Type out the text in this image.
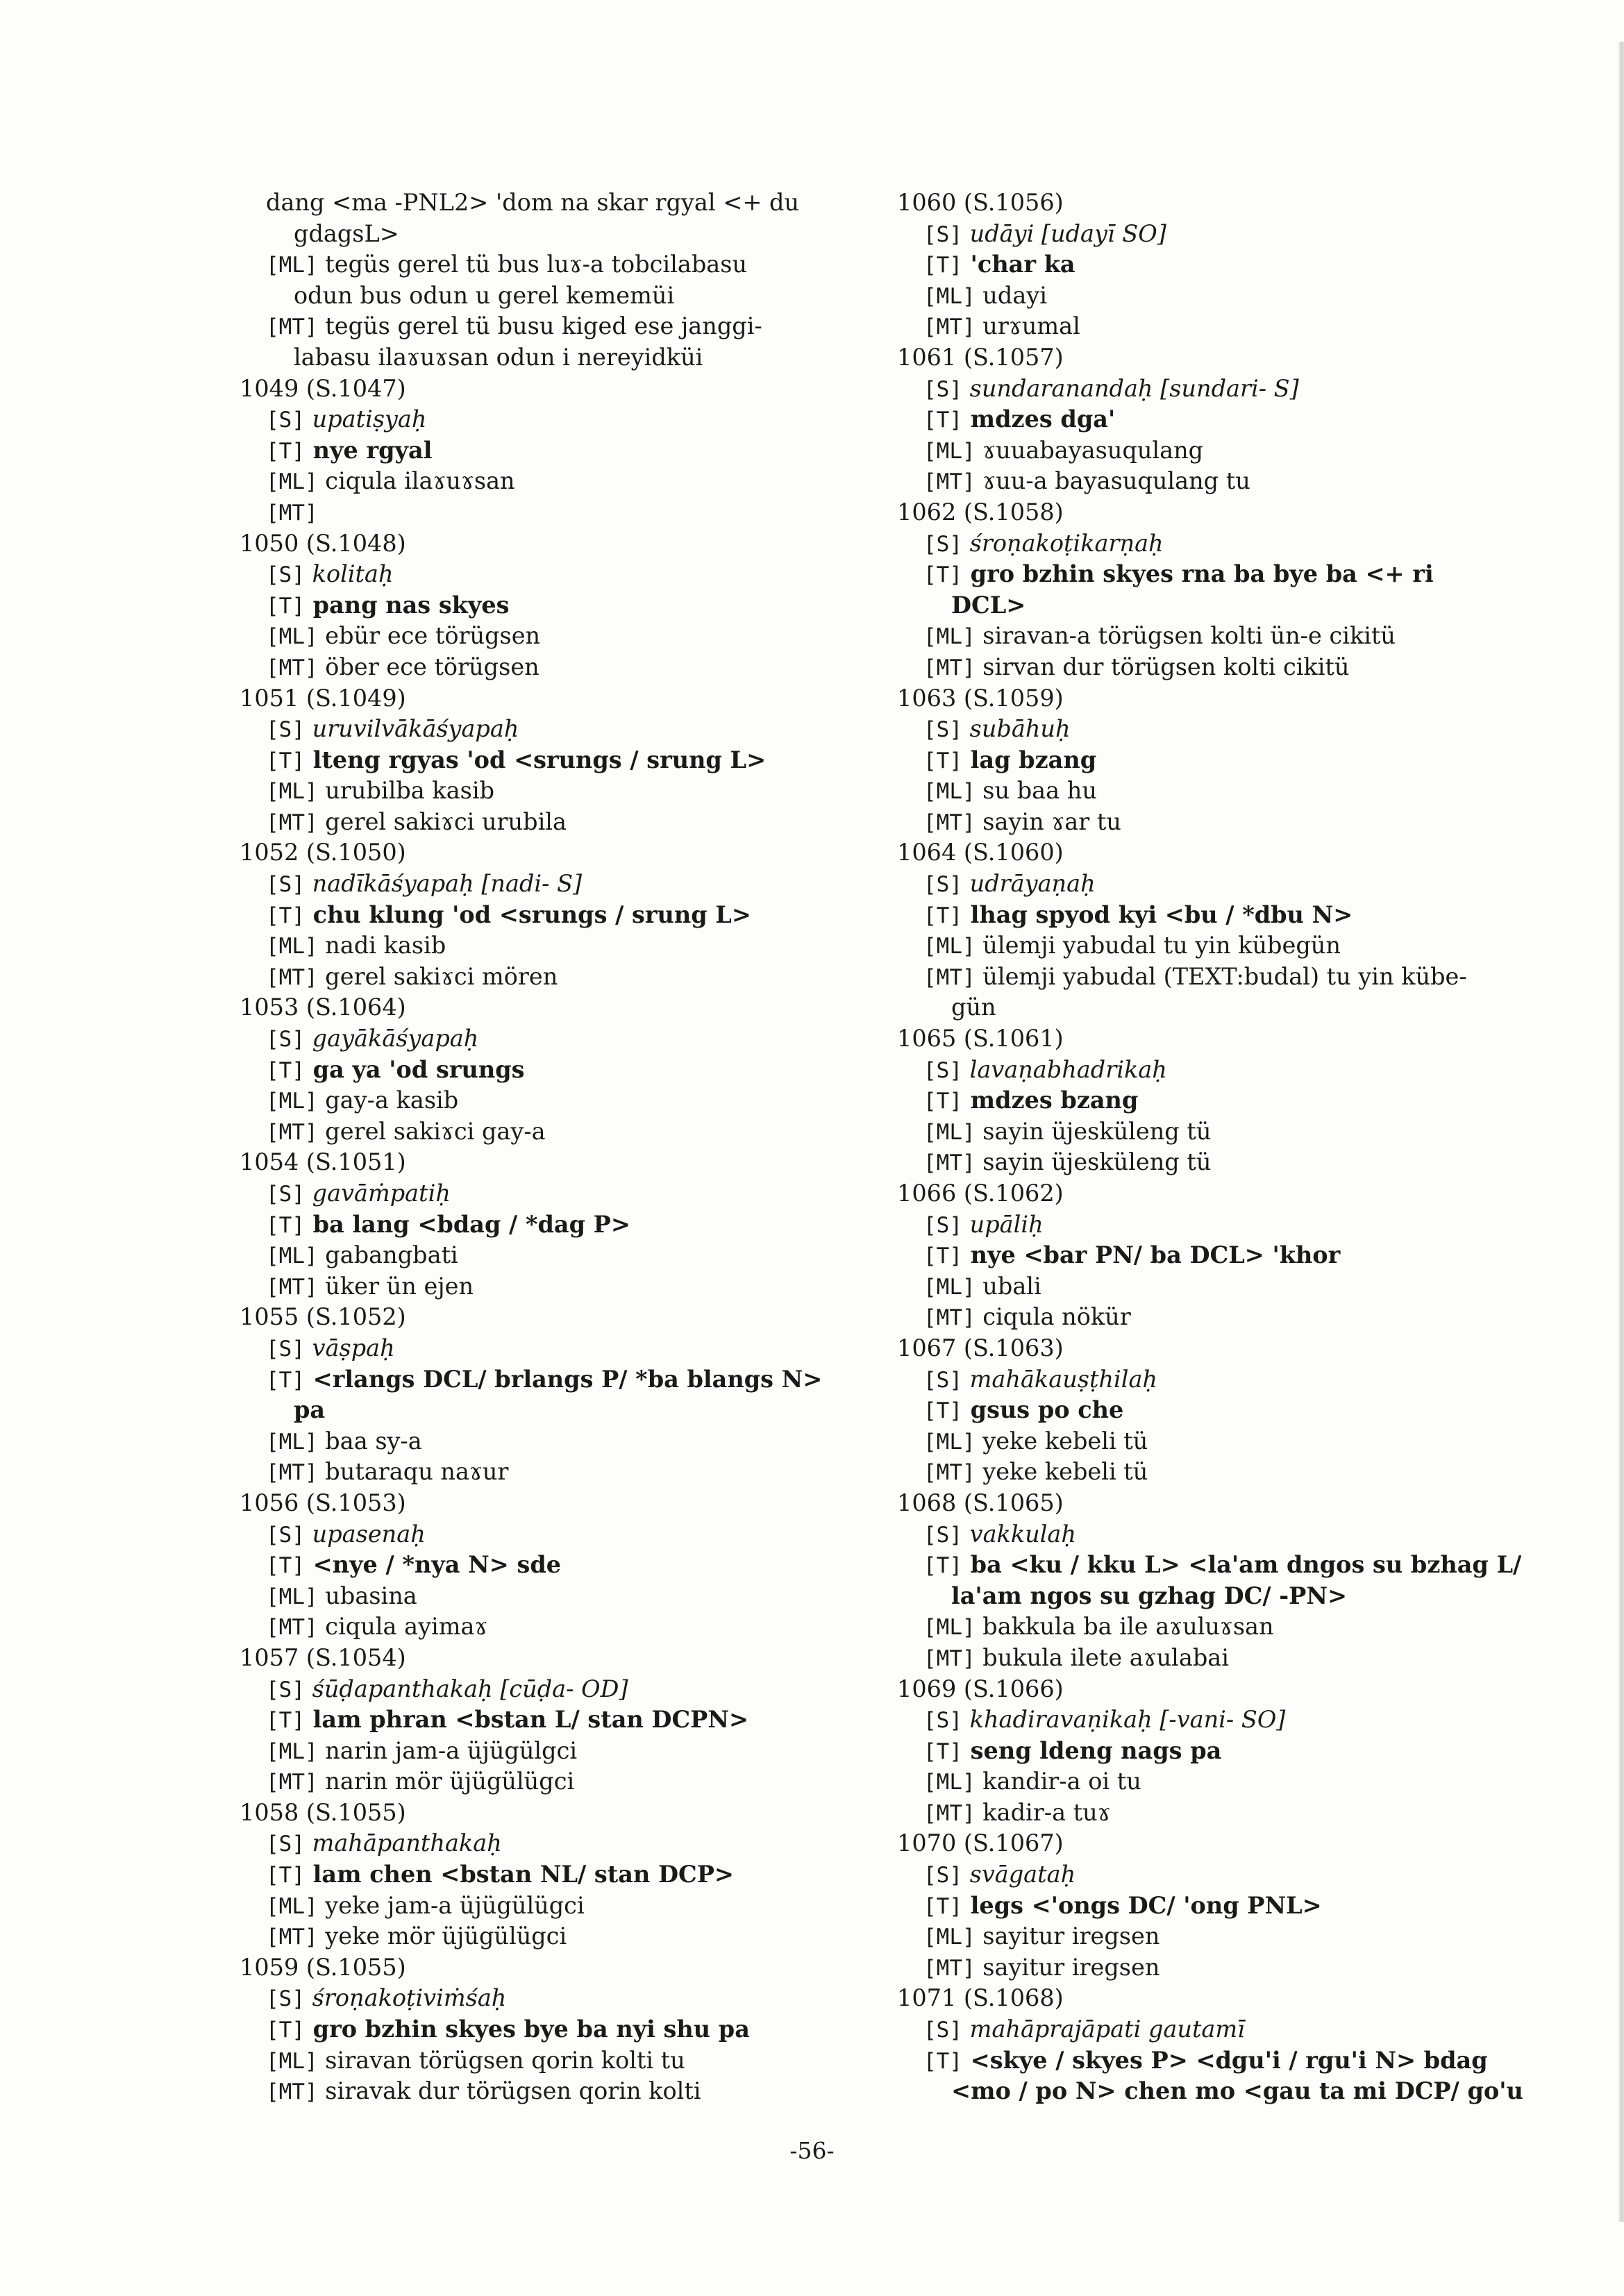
dang <ma -PNL2> 'dom na skar rgyal <+ du
gdagsL>
[ML] tegüs gerel tü bus luɤ-a tobcilabasu
odun bus odun u gerel kememüi
[MT] tegüs gerel tü busu kiged ese janggi-
labasu ilaɤuɤsan odun i nereyidküi
1049 (S.1047)
[S] upatiṣyaḥ
[T] nye rgyal
[ML] ciqula ilaɤuɤsan
[MT]
1050 (S.1048)
[S] kolitaḥ
[T] pang nas skyes
[ML] ebür ece törügsen
[MT] öber ece törügsen
1051 (S.1049)
[S] uruvilvākāśyapaḥ
[T] lteng rgyas 'od <srungs / srung L>
[ML] urubilba kasib
[MT] gerel sakiɤci urubila
1052 (S.1050)
[S] nadīkāśyapaḥ [nadi- S]
[T] chu klung 'od <srungs / srung L>
[ML] nadi kasib
[MT] gerel sakiɤci mören
1053 (S.1064)
[S] gayākāśyapaḥ
[T] ga ya 'od srungs
[ML] gay-a kasib
[MT] gerel sakiɤci gay-a
1054 (S.1051)
[S] gavāṁpatiḥ
[T] ba lang <bdag / *dag P>
[ML] gabangbati
[MT] üker ün ejen
1055 (S.1052)
[S] vāṣpaḥ
[T] <rlangs DCL/ brlangs P/ *ba blangs N>
pa
[ML] baa sy-a
[MT] butaraqu naɤur
1056 (S.1053)
[S] upasenaḥ
[T] <nye / *nya N> sde
[ML] ubasina
[MT] ciqula ayimaɤ
1057 (S.1054)
[S] śūḍapanthakaḥ [cūḍa- OD]
[T] lam phran <bstan L/ stan DCPN>
[ML] narin jam-a üjügülgci
[MT] narin mör üjügülügci
1058 (S.1055)
[S] mahāpanthakaḥ
[T] lam chen <bstan NL/ stan DCP>
[ML] yeke jam-a üjügülügci
[MT] yeke mör üjügülügci
1059 (S.1055)
[S] śroṇakoṭiviṁśaḥ
[T] gro bzhin skyes bye ba nyi shu pa
[ML] siravan törügsen qorin kolti tu
[MT] siravak dur törügsen qorin kolti
1060 (S.1056)
[S] udāyi [udayī SO]
[T] 'char ka
[ML] udayi
[MT] urɤumal
1061 (S.1057)
[S] sundaranandaḥ [sundari- S]
[T] mdzes dga'
[ML] ɤuuabayasuqulang
[MT] ɤuu-a bayasuqulang tu
1062 (S.1058)
[S] śroṇakoṭikarṇaḥ
[T] gro bzhin skyes rna ba bye ba <+ ri
DCL>
[ML] siravan-a törügsen kolti ün-e cikitü
[MT] sirvan dur törügsen kolti cikitü
1063 (S.1059)
[S] subāhuḥ
[T] lag bzang
[ML] su baa hu
[MT] sayin ɤar tu
1064 (S.1060)
[S] udrāyaṇaḥ
[T] lhag spyod kyi <bu / *dbu N>
[ML] ülemji yabudal tu yin kübegün
[MT] ülemji yabudal (TEXT:budal) tu yin kübe-
gün
1065 (S.1061)
[S] lavaṇabhadrikaḥ
[T] mdzes bzang
[ML] sayin üjesküleng tü
[MT] sayin üjesküleng tü
1066 (S.1062)
[S] upāliḥ
[T] nye <bar PN/ ba DCL> 'khor
[ML] ubali
[MT] ciqula nökür
1067 (S.1063)
[S] mahākauṣṭhilaḥ
[T] gsus po che
[ML] yeke kebeli tü
[MT] yeke kebeli tü
1068 (S.1065)
[S] vakkulaḥ
[T] ba <ku / kku L> <la'am dngos su bzhag L/
la'am ngos su gzhag DC/ -PN>
[ML] bakkula ba ile aɤuluɤsan
[MT] bukula ilete aɤulabai
1069 (S.1066)
[S] khadiravaṇikaḥ [-vani- SO]
[T] seng ldeng nags pa
[ML] kandir-a oi tu
[MT] kadir-a tuɤ
1070 (S.1067)
[S] svāgataḥ
[T] legs <'ongs DC/ 'ong PNL>
[ML] sayitur iregsen
[MT] sayitur iregsen
1071 (S.1068)
[S] mahāprajāpati gautamī
[T] <skye / skyes P> <dgu'i / rgu'i N> bdag
<mo / po N> chen mo <gau ta mi DCP/ go'u
-56-
